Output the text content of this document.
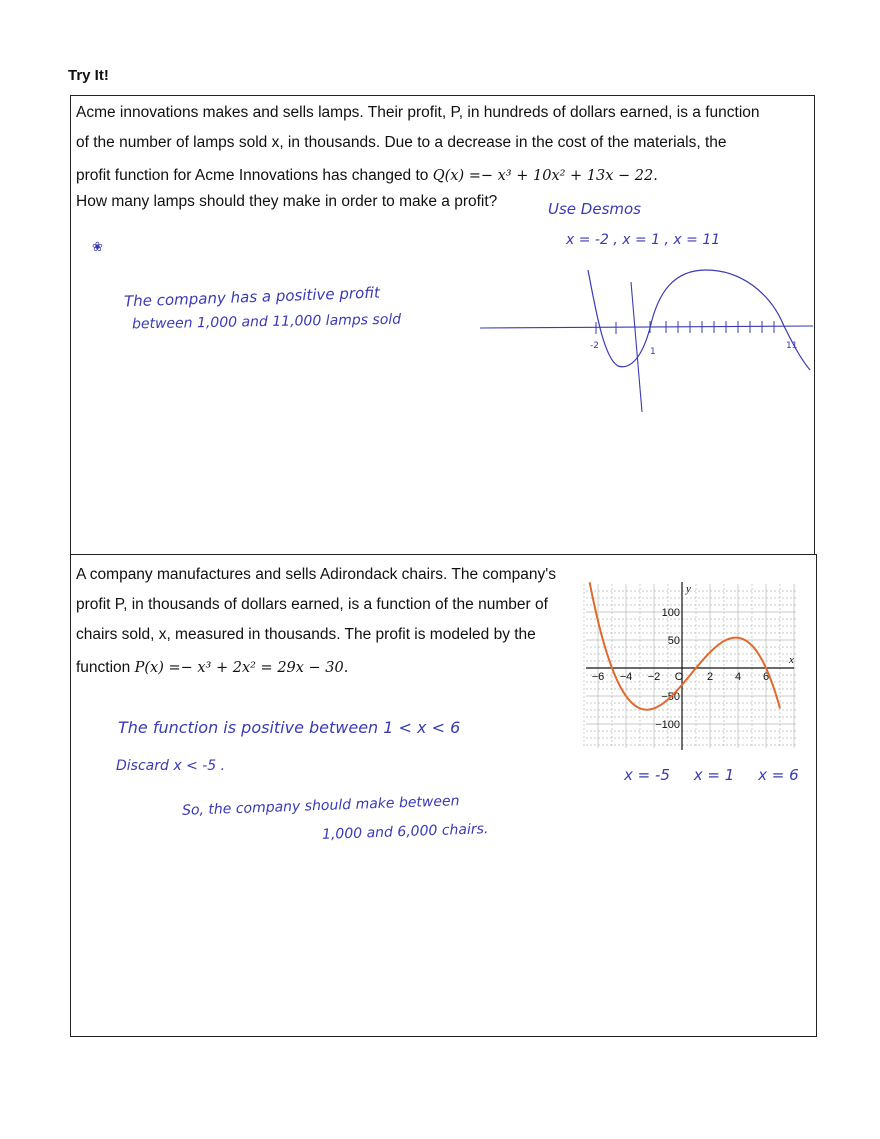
Try It!
Acme innovations makes and sells lamps. Their profit, P, in hundreds of dollars earned, is a function
of the number of lamps sold x, in thousands. Due to a decrease in the cost of the materials, the
profit function for Acme Innovations has changed to Q(x) =− x³ + 10x² + 13x − 22.
How many lamps should they make in order to make a profit?	Use Desmos
x = -2 , x = 1 , x = 11
The company has a positive profit
between 1,000 and 11,000 lamps sold
❀
-2
1
11
A company manufactures and sells Adirondack chairs. The company's
profit P, in thousands of dollars earned, is a function of the number of
chairs sold, x, measured in thousands. The profit is modeled by the
function P(x) =− x³ + 2x² = 29x − 30.
−6 −4 −2 O 2 4 6
100
50
−50
−100
x
y
The function is positive between 1 < x < 6
Discard x < -5 .
So, the company should make between
1,000 and 6,000 chairs.
x = -5     x = 1     x = 6
